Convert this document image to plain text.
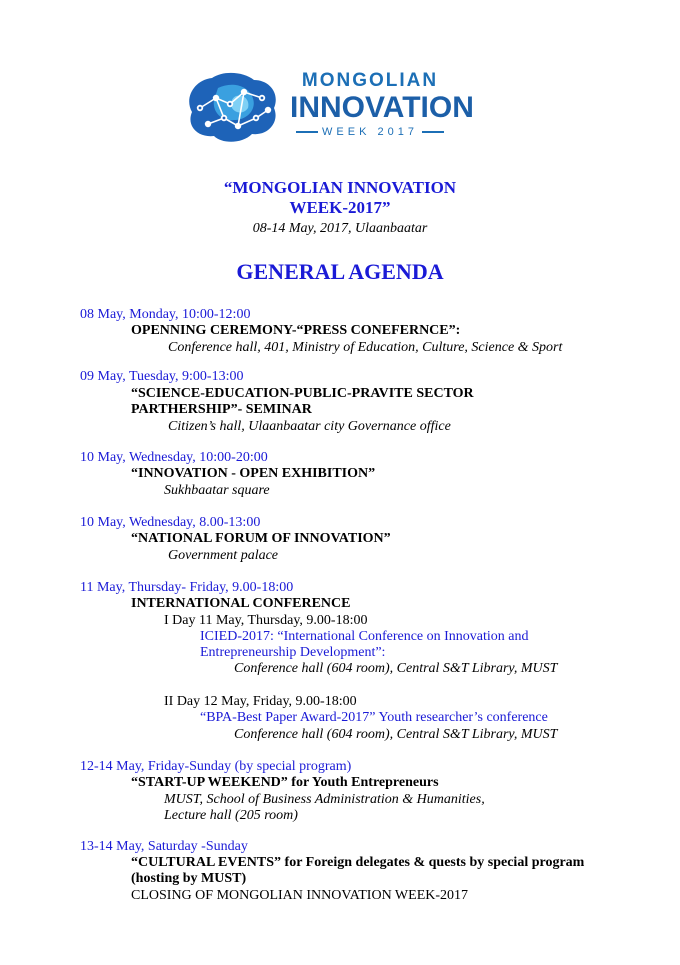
MONGOLIAN
INNOVATION
WEEK 2017
“MONGOLIAN INNOVATION
WEEK-2017”
08-14 May, 2017, Ulaanbaatar
GENERAL AGENDA
08 May, Monday, 10:00-12:00
OPENNING CEREMONY-“PRESS CONEFERNCE”:
Conference hall, 401, Ministry of Education, Culture, Science & Sport
09 May, Tuesday, 9:00-13:00
“SCIENCE-EDUCATION-PUBLIC-PRAVITE SECTOR
PARTHERSHIP”- SEMINAR
Citizen’s hall, Ulaanbaatar city Governance office
10 May, Wednesday, 10:00-20:00
“INNOVATION - OPEN EXHIBITION”
Sukhbaatar square
10 May, Wednesday, 8.00-13:00
“NATIONAL FORUM OF INNOVATION”
Government palace
11 May, Thursday- Friday, 9.00-18:00
INTERNATIONAL CONFERENCE
I Day 11 May, Thursday, 9.00-18:00
ICIED-2017: “International Conference on Innovation and
Entrepreneurship Development”:
Conference hall (604 room), Central S&T Library, MUST
II Day 12 May, Friday, 9.00-18:00
“BPA-Best Paper Award-2017” Youth researcher’s conference
Conference hall (604 room), Central S&T Library, MUST
12-14 May, Friday-Sunday (by special program)
“START-UP WEEKEND” for Youth Entrepreneurs
MUST, School of Business Administration & Humanities,
Lecture hall (205 room)
13-14 May, Saturday -Sunday
“CULTURAL EVENTS” for Foreign delegates & quests by special program
(hosting by MUST)
CLOSING OF MONGOLIAN INNOVATION WEEK-2017
